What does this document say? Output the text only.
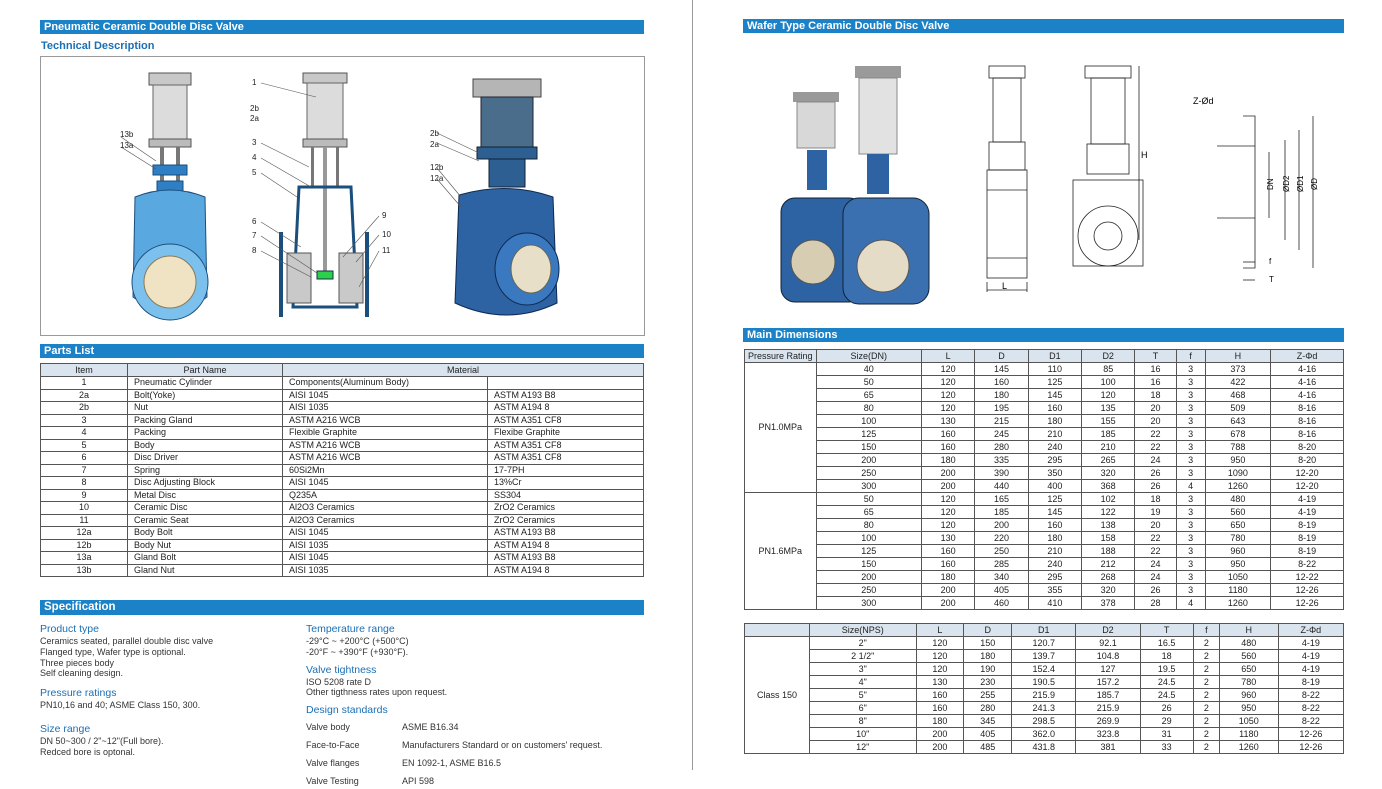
Pneumatic Ceramic Double Disc Valve
Technical Description
13b
13a
1
2b
2a
3
4
5
6
7
8
9
10
11
2b
2a
12b
12a
Parts List
Item	Part Name	Material	
1	Pneumatic Cylinder	Components(Aluminum Body)	
2a	Bolt(Yoke)	AISI 1045	ASTM A193 B8
2b	Nut	AISI 1035	ASTM A194 8
3	Packing Gland	ASTM A216 WCB	ASTM A351 CF8
4	Packing	Flexible Graphite	Flexibe Graphite
5	Body	ASTM A216 WCB	ASTM A351 CF8
6	Disc Driver	ASTM A216 WCB	ASTM A351 CF8
7	Spring	60Si2Mn	17-7PH
8	Disc Adjusting Block	AISI 1045	13%Cr
9	Metal Disc	Q235A	SS304
10	Ceramic Disc	Al2O3 Ceramics	ZrO2 Ceramics
11	Ceramic Seat	Al2O3 Ceramics	ZrO2 Ceramics
12a	Body Bolt	AISI 1045	ASTM A193 B8
12b	Body Nut	AISI 1035	ASTM A194 8
13a	Gland Bolt	AISI 1045	ASTM A193 B8
13b	Gland Nut	AISI 1035	ASTM A194 8
Specification

Product type

Ceramics seated, parallel double disc valve

Flanged type, Wafer type is optional.

Three pieces body

Self cleaning design.

Pressure ratings

PN10,16 and 40; ASME Class 150, 300.

Size range

DN 50~300 / 2"~12"(Full bore).

Redced bore is optonal.

Temperature range

-29°C ~ +200°C (+500°C)

-20°F ~ +390°F (+930°F).

Valve tightness

ISO 5208 rate D

Other tigthness rates upon request.

Design standards

Valve body	ASME B16.34

Face-to-Face	Manufacturers Standard or on customers' request.

Valve flanges	EN 1092-1, ASME B16.5

Valve Testing	API 598

Wafer Type Ceramic Double Disc Valve
L
H
Z-Ød
DN ØD2 ØD1 ØD
f
T
Main Dimensions
Pressure Rating	Size(DN)	L	D	D1	D2	T	f	H	Z-Φd
PN1.0MPa	40	120	145	110	85	16	3	373	4-16
	50	120	160	125	100	16	3	422	4-16
	65	120	180	145	120	18	3	468	4-16
	80	120	195	160	135	20	3	509	8-16
	100	130	215	180	155	20	3	643	8-16
	125	160	245	210	185	22	3	678	8-16
	150	160	280	240	210	22	3	788	8-20
	200	180	335	295	265	24	3	950	8-20
	250	200	390	350	320	26	3	1090	12-20
	300	200	440	400	368	26	4	1260	12-20
PN1.6MPa	50	120	165	125	102	18	3	480	4-19
	65	120	185	145	122	19	3	560	4-19
	80	120	200	160	138	20	3	650	8-19
	100	130	220	180	158	22	3	780	8-19
	125	160	250	210	188	22	3	960	8-19
	150	160	285	240	212	24	3	950	8-22
	200	180	340	295	268	24	3	1050	12-22
	250	200	405	355	320	26	3	1180	12-26
	300	200	460	410	378	28	4	1260	12-26
	Size(NPS)	L	D	D1	D2	T	f	H	Z-Φd
Class 150	2"	120	150	120.7	92.1	16.5	2	480	4-19
	2 1/2"	120	180	139.7	104.8	18	2	560	4-19
	3"	120	190	152.4	127	19.5	2	650	4-19
	4"	130	230	190.5	157.2	24.5	2	780	8-19
	5"	160	255	215.9	185.7	24.5	2	960	8-22
	6"	160	280	241.3	215.9	26	2	950	8-22
	8"	180	345	298.5	269.9	29	2	1050	8-22
	10"	200	405	362.0	323.8	31	2	1180	12-26
	12"	200	485	431.8	381	33	2	1260	12-26
